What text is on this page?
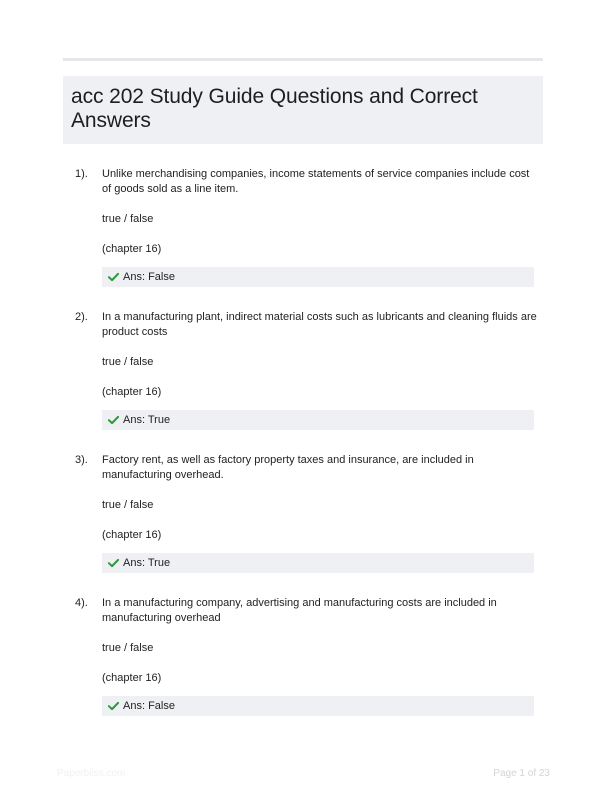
acc 202 Study Guide Questions and Correct
Answers
1). Unlike merchandising companies, income statements of service companies include cost of goods sold as a line item.
true / false
(chapter 16)
Ans: False
2). In a manufacturing plant, indirect material costs such as lubricants and cleaning fluids are product costs
true / false
(chapter 16)
Ans: True
3). Factory rent, as well as factory property taxes and insurance, are included in manufacturing overhead.
true / false
(chapter 16)
Ans: True
4). In a manufacturing company, advertising and manufacturing costs are included in manufacturing overhead
true / false
(chapter 16)
Ans: False
Paperbliss.com	Page 1 of 23
